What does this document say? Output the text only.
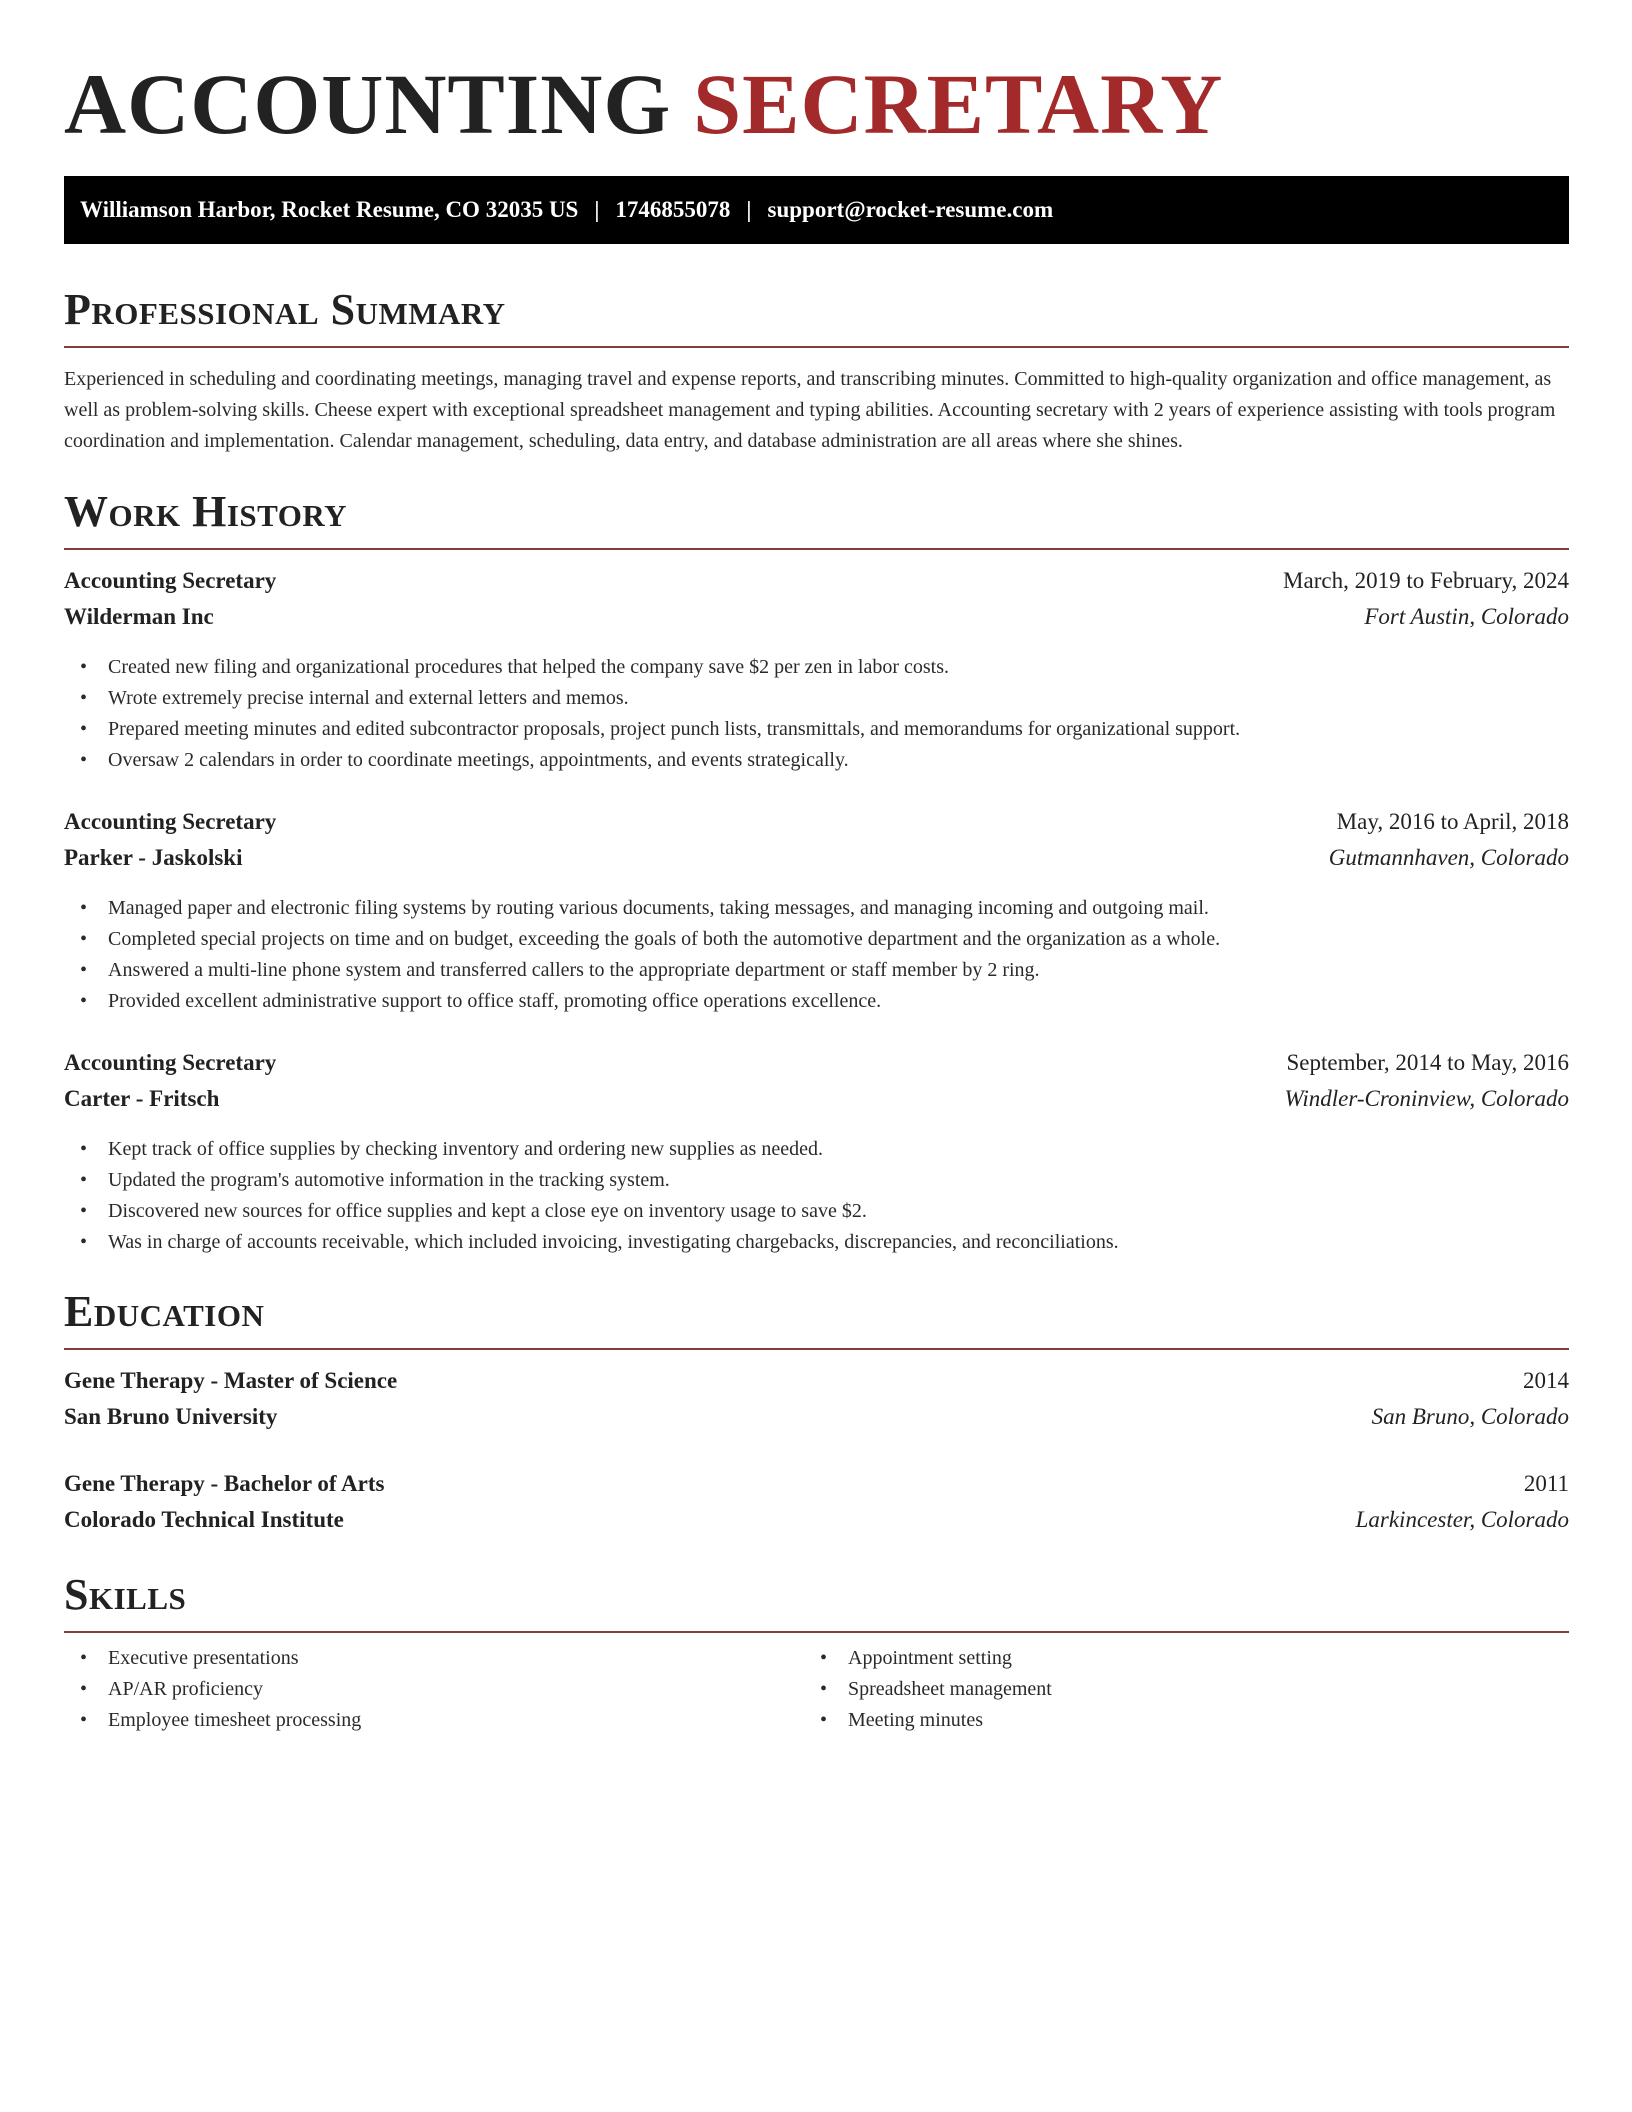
ACCOUNTING SECRETARY
Williamson Harbor, Rocket Resume, CO 32035 US | 1746855078 | support@rocket-resume.com
Professional Summary
Experienced in scheduling and coordinating meetings, managing travel and expense reports, and transcribing minutes. Committed to high-quality organization and office management, as well as problem-solving skills. Cheese expert with exceptional spreadsheet management and typing abilities. Accounting secretary with 2 years of experience assisting with tools program coordination and implementation. Calendar management, scheduling, data entry, and database administration are all areas where she shines.
Work History
Accounting Secretary	March, 2019 to February, 2024
Wilderman Inc	Fort Austin, Colorado
• Created new filing and organizational procedures that helped the company save $2 per zen in labor costs.
• Wrote extremely precise internal and external letters and memos.
• Prepared meeting minutes and edited subcontractor proposals, project punch lists, transmittals, and memorandums for organizational support.
• Oversaw 2 calendars in order to coordinate meetings, appointments, and events strategically.
Accounting Secretary	May, 2016 to April, 2018
Parker - Jaskolski	Gutmannhaven, Colorado
• Managed paper and electronic filing systems by routing various documents, taking messages, and managing incoming and outgoing mail.
• Completed special projects on time and on budget, exceeding the goals of both the automotive department and the organization as a whole.
• Answered a multi-line phone system and transferred callers to the appropriate department or staff member by 2 ring.
• Provided excellent administrative support to office staff, promoting office operations excellence.
Accounting Secretary	September, 2014 to May, 2016
Carter - Fritsch	Windler-Croninview, Colorado
• Kept track of office supplies by checking inventory and ordering new supplies as needed.
• Updated the program's automotive information in the tracking system.
• Discovered new sources for office supplies and kept a close eye on inventory usage to save $2.
• Was in charge of accounts receivable, which included invoicing, investigating chargebacks, discrepancies, and reconciliations.
Education
Gene Therapy - Master of Science	2014
San Bruno University	San Bruno, Colorado
Gene Therapy - Bachelor of Arts	2011
Colorado Technical Institute	Larkincester, Colorado
Skills
• Executive presentations
• AP/AR proficiency
• Employee timesheet processing
• Appointment setting
• Spreadsheet management
• Meeting minutes
